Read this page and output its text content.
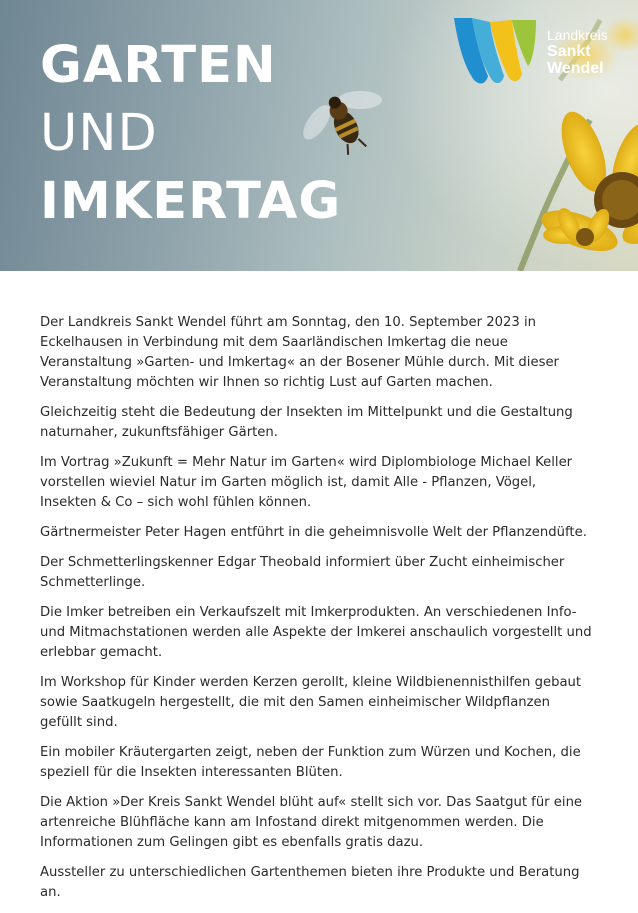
GARTEN
UND
IMKERTAG
Landkreis
Sankt
Wendel

Der Landkreis Sankt Wendel führt am Sonntag, den 10. September 2023 in Eckelhausen in Verbindung mit dem Saarländischen Imkertag die neue Veranstaltung »Garten- und Imkertag« an der Bosener Mühle durch. Mit dieser Veranstaltung möchten wir Ihnen so richtig Lust auf Garten machen.

Gleichzeitig steht die Bedeutung der Insekten im Mittelpunkt und die Gestaltung naturnaher, zukunftsfähiger Gärten.

Im Vortrag »Zukunft = Mehr Natur im Garten« wird Diplombiologe Michael Keller vorstellen wieviel Natur im Garten möglich ist, damit Alle - Pflanzen, Vögel, Insekten & Co – sich wohl fühlen können.

Gärtnermeister Peter Hagen entführt in die geheimnisvolle Welt der Pflanzendüfte.

Der Schmetterlingskenner Edgar Theobald informiert über Zucht einheimischer Schmetterlinge.

Die Imker betreiben ein Verkaufszelt mit Imkerprodukten. An verschiedenen Info- und Mitmachstationen werden alle Aspekte der Imkerei anschaulich vorgestellt und erlebbar gemacht.

Im Workshop für Kinder werden Kerzen gerollt, kleine Wildbienennisthilfen gebaut sowie Saatkugeln hergestellt, die mit den Samen einheimischer Wildpflanzen gefüllt sind.

Ein mobiler Kräutergarten zeigt, neben der Funktion zum Würzen und Kochen, die speziell für die Insekten interessanten Blüten.

Die Aktion »Der Kreis Sankt Wendel blüht auf« stellt sich vor. Das Saatgut für eine artenreiche Blühfläche kann am Infostand direkt mitgenommen werden. Die Informationen zum Gelingen gibt es ebenfalls gratis dazu.

Aussteller zu unterschiedlichen Gartenthemen bieten ihre Produkte und Beratung an.
